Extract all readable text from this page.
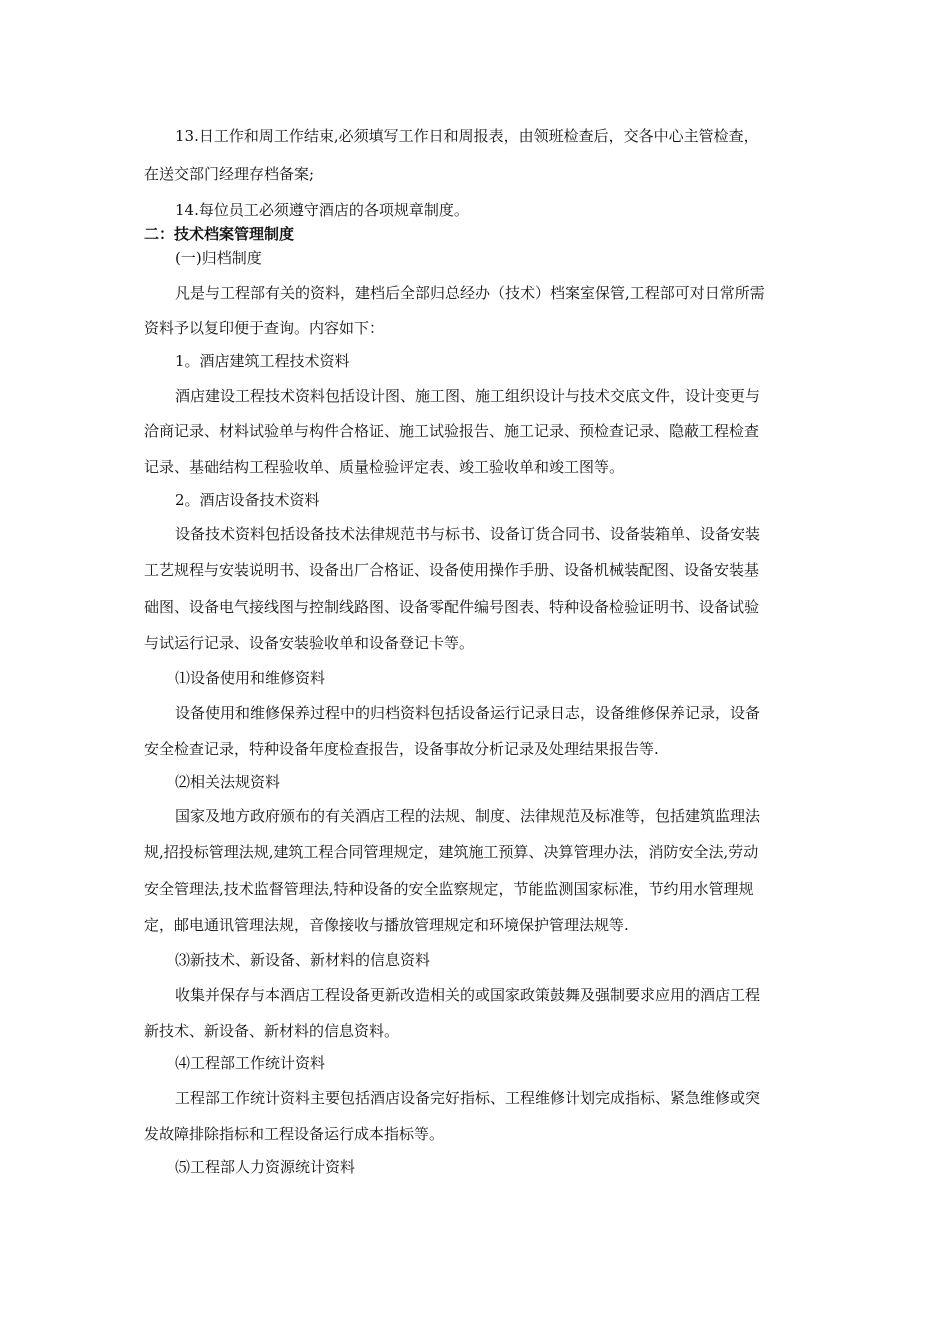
13.日工作和周工作结束,必须填写工作日和周报表，由领班检查后，交各中心主管检查，
在送交部门经理存档备案;
14.每位员工必须遵守酒店的各项规章制度。
二：技术档案管理制度
(一)归档制度
凡是与工程部有关的资料，建档后全部归总经办（技术）档案室保管,工程部可对日常所需
资料予以复印便于查询。内容如下：
1。酒店建筑工程技术资料
酒店建设工程技术资料包括设计图、施工图、施工组织设计与技术交底文件，设计变更与
洽商记录、材料试验单与构件合格证、施工试验报告、施工记录、预检查记录、隐蔽工程检查
记录、基础结构工程验收单、质量检验评定表、竣工验收单和竣工图等。
2。酒店设备技术资料
设备技术资料包括设备技术法律规范书与标书、设备订货合同书、设备装箱单、设备安装
工艺规程与安装说明书、设备出厂合格证、设备使用操作手册、设备机械装配图、设备安装基
础图、设备电气接线图与控制线路图、设备零配件编号图表、特种设备检验证明书、设备试验
与试运行记录、设备安装验收单和设备登记卡等。
⑴设备使用和维修资料
设备使用和维修保养过程中的归档资料包括设备运行记录日志，设备维修保养记录，设备
安全检查记录，特种设备年度检查报告，设备事故分析记录及处理结果报告等.
⑵相关法规资料
国家及地方政府颁布的有关酒店工程的法规、制度、法律规范及标准等，包括建筑监理法
规,招投标管理法规,建筑工程合同管理规定，建筑施工预算、决算管理办法，消防安全法,劳动
安全管理法,技术监督管理法,特种设备的安全监察规定，节能监测国家标准，节约用水管理规
定，邮电通讯管理法规，音像接收与播放管理规定和环境保护管理法规等.
⑶新技术、新设备、新材料的信息资料
收集并保存与本酒店工程设备更新改造相关的或国家政策鼓舞及强制要求应用的酒店工程
新技术、新设备、新材料的信息资料。
⑷工程部工作统计资料
工程部工作统计资料主要包括酒店设备完好指标、工程维修计划完成指标、紧急维修或突
发故障排除指标和工程设备运行成本指标等。
⑸工程部人力资源统计资料
